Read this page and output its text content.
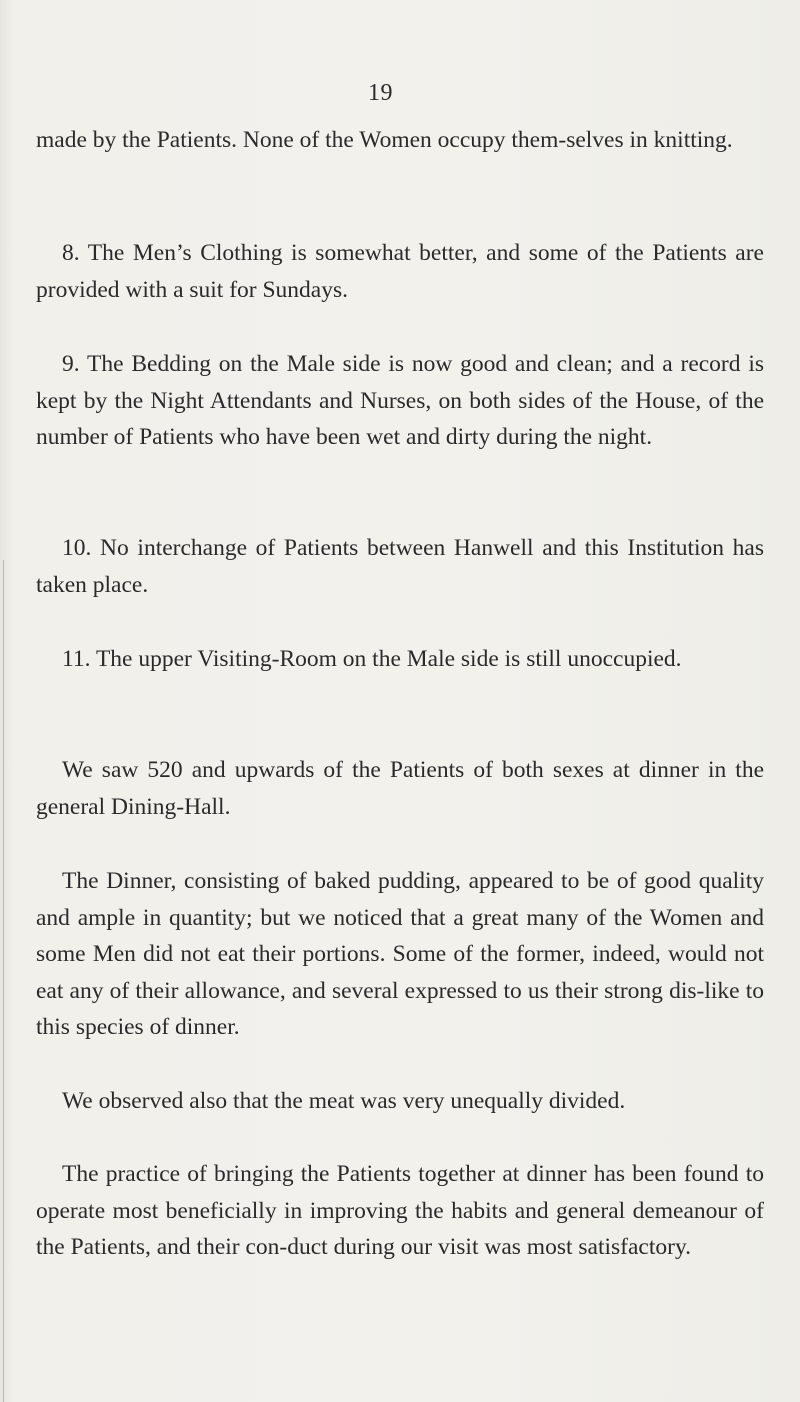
19

made by the Patients. None of the Women occupy them-selves in knitting.

8. The Men’s Clothing is somewhat better, and some of the Patients are provided with a suit for Sundays.

9. The Bedding on the Male side is now good and clean; and a record is kept by the Night Attendants and Nurses, on both sides of the House, of the number of Patients who have been wet and dirty during the night.

10. No interchange of Patients between Hanwell and this Institution has taken place.

11. The upper Visiting-Room on the Male side is still unoccupied.

We saw 520 and upwards of the Patients of both sexes at dinner in the general Dining-Hall.

The Dinner, consisting of baked pudding, appeared to be of good quality and ample in quantity; but we noticed that a great many of the Women and some Men did not eat their portions. Some of the former, indeed, would not eat any of their allowance, and several expressed to us their strong dis-like to this species of dinner.

We observed also that the meat was very unequally divided.

The practice of bringing the Patients together at dinner has been found to operate most beneficially in improving the habits and general demeanour of the Patients, and their con-duct during our visit was most satisfactory.
